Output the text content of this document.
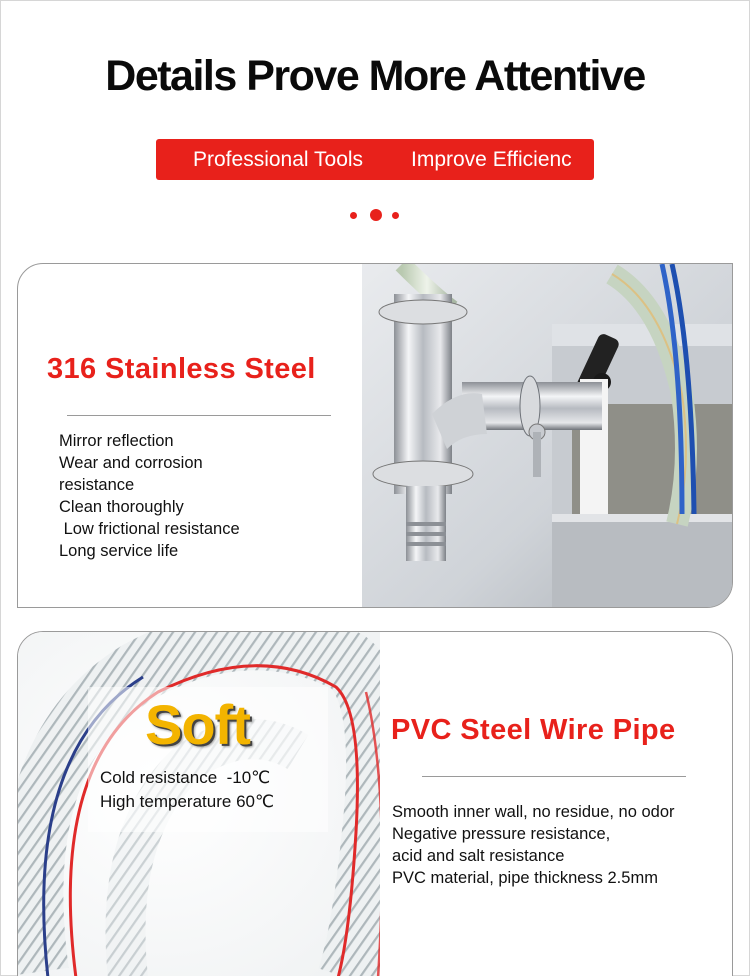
Details Prove More Attentive
Professional Tools Improve Efficienc
316 Stainless Steel
Mirror reflection
Wear and corrosion
resistance
Clean thoroughly
Low frictional resistance
Long service life
Soft
Cold resistance  -10℃
High temperature 60℃
PVC Steel Wire Pipe
Smooth inner wall, no residue, no odor
Negative pressure resistance,
acid and salt resistance
PVC material, pipe thickness 2.5mm
